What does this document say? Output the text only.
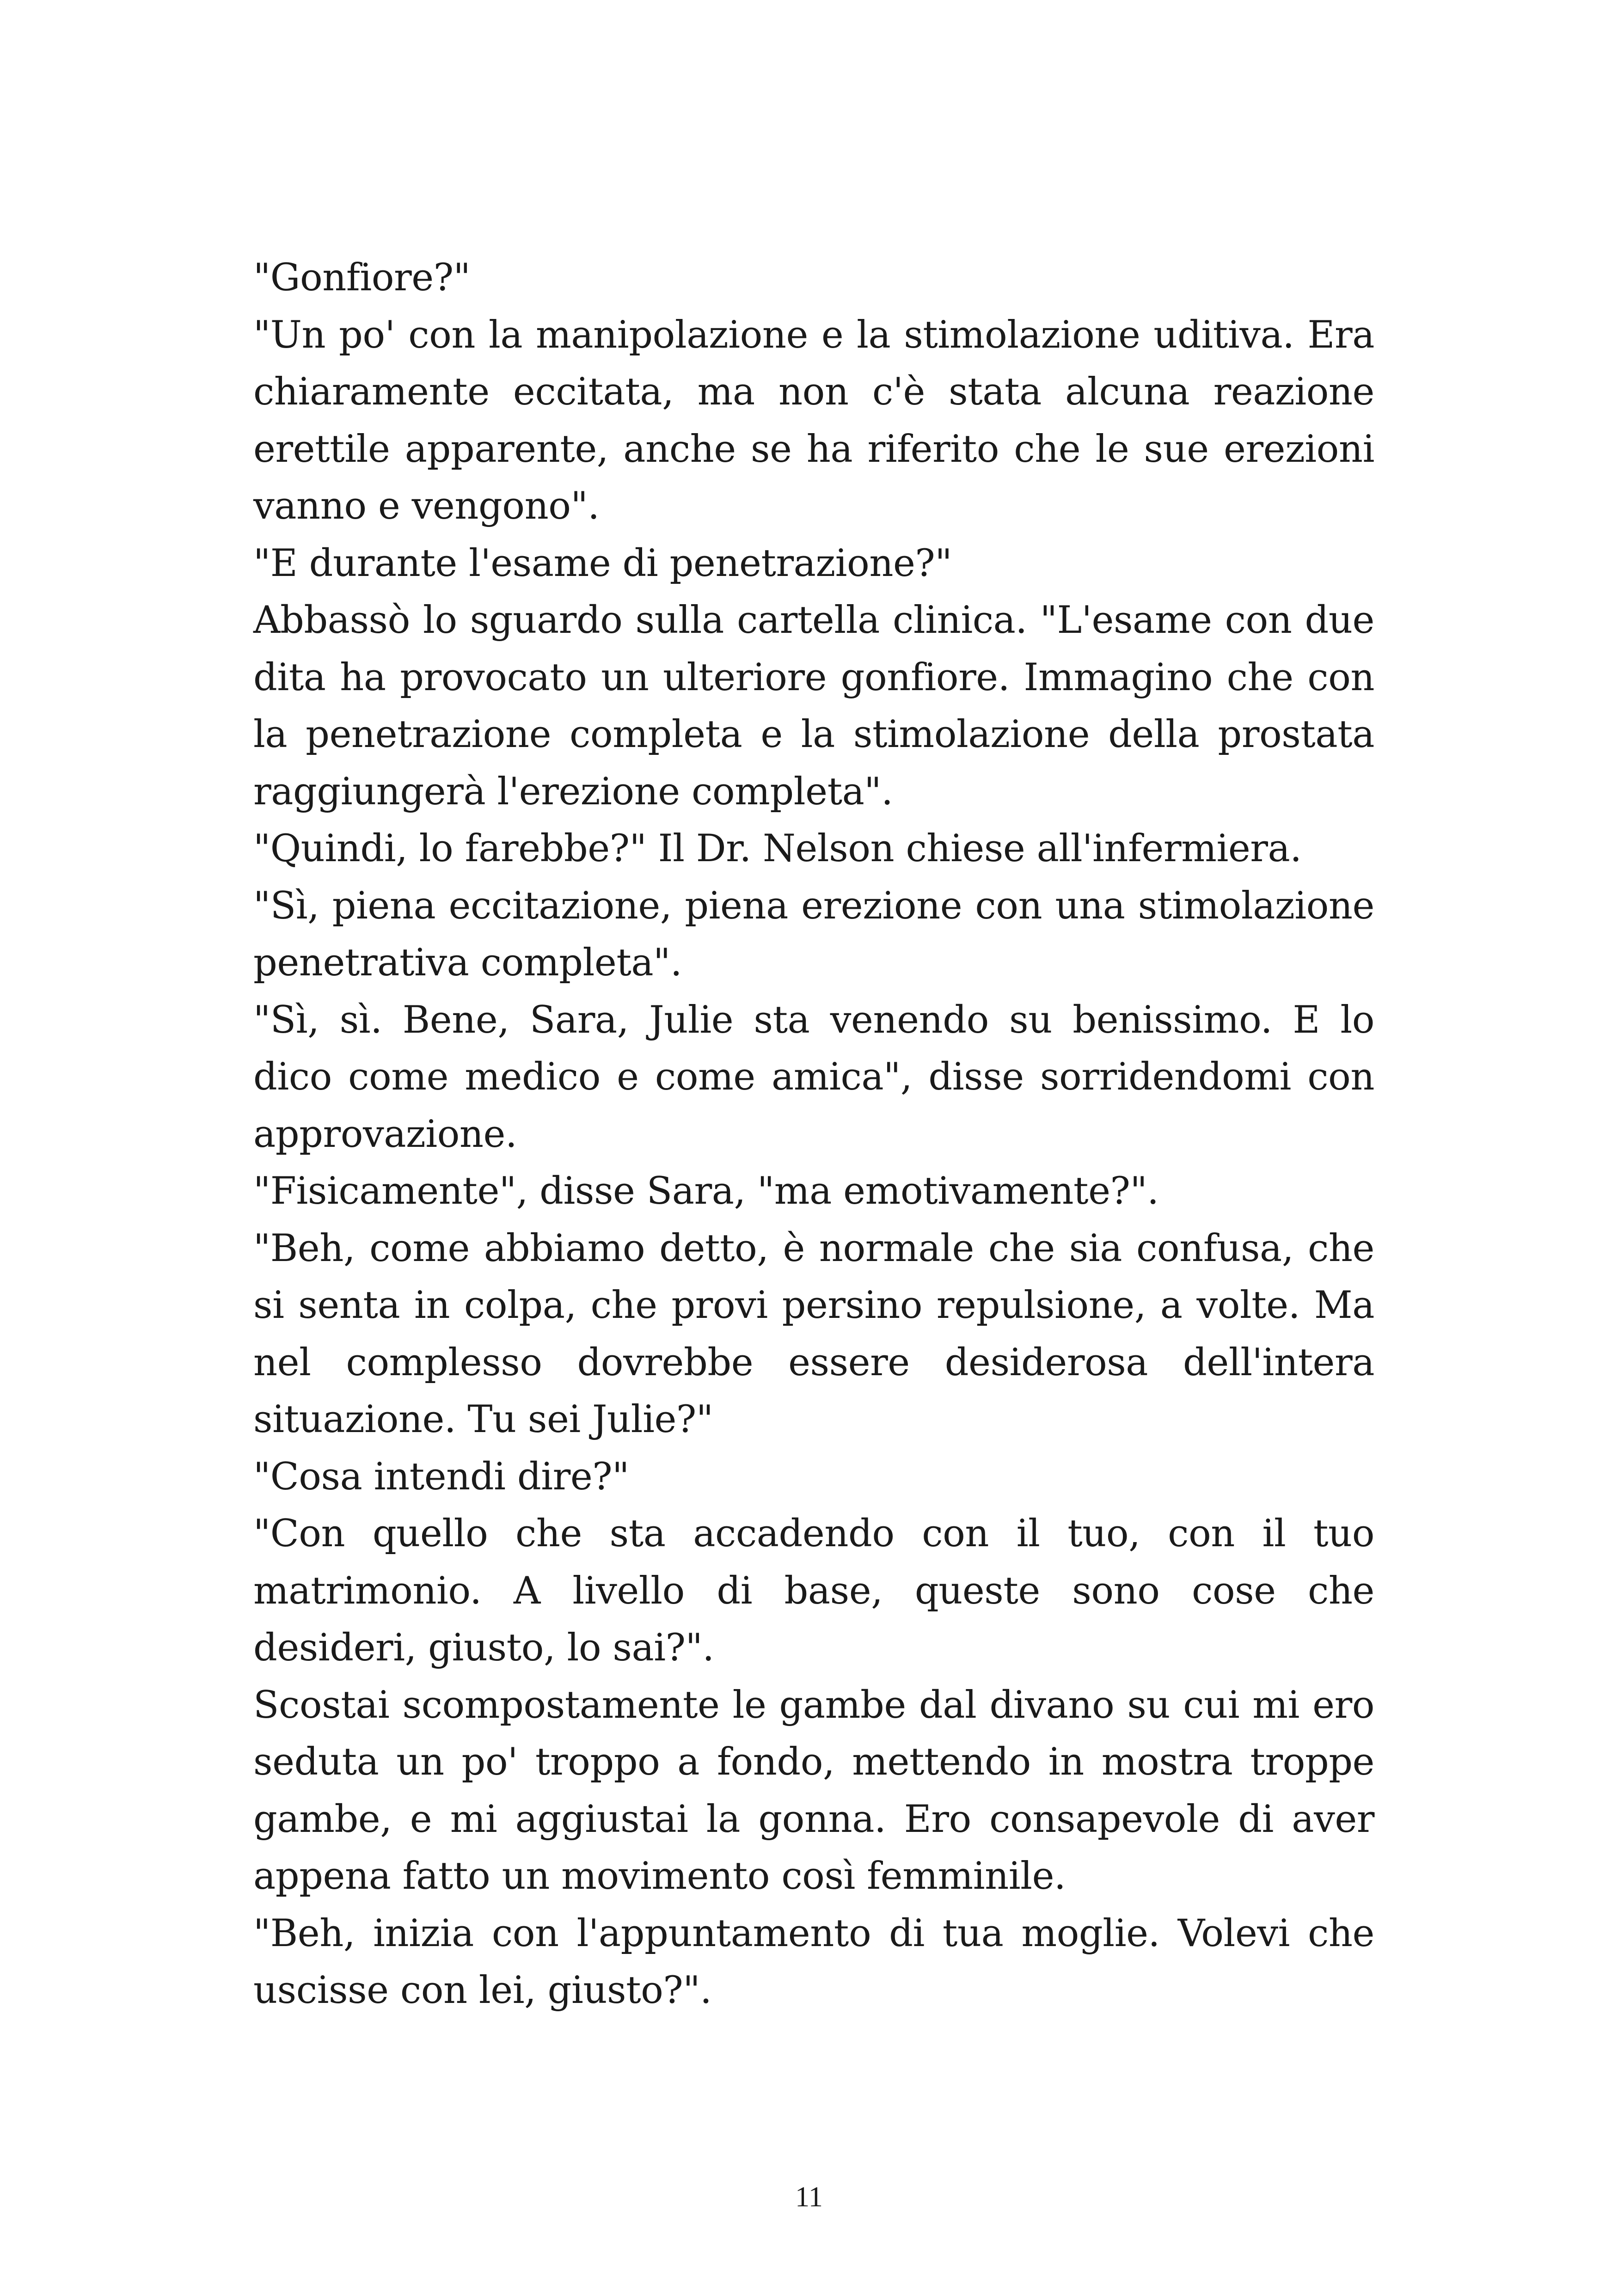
"Gonfiore?"

"Un po' con la manipolazione e la stimolazione uditiva. Era chiaramente eccitata, ma non c'è stata alcuna reazione erettile apparente, anche se ha riferito che le sue erezioni vanno e vengono".

"E durante l'esame di penetrazione?"

Abbassò lo sguardo sulla cartella clinica. "L'esame con due dita ha provocato un ulteriore gonfiore. Immagino che con la penetrazione completa e la stimolazione della prostata raggiungerà l'erezione completa".

"Quindi, lo farebbe?" Il Dr. Nelson chiese all'infermiera.

"Sì, piena eccitazione, piena erezione con una stimolazione penetrativa completa".

"Sì, sì. Bene, Sara, Julie sta venendo su benissimo. E lo dico come medico e come amica", disse sorridendomi con approvazione.

"Fisicamente", disse Sara, "ma emotivamente?".

"Beh, come abbiamo detto, è normale che sia confusa, che si senta in colpa, che provi persino repulsione, a volte. Ma nel complesso dovrebbe essere desiderosa dell'intera situazione. Tu sei Julie?"

"Cosa intendi dire?"

"Con quello che sta accadendo con il tuo, con il tuo matrimonio. A livello di base, queste sono cose che desideri, giusto, lo sai?".

Scostai scompostamente le gambe dal divano su cui mi ero seduta un po' troppo a fondo, mettendo in mostra troppe gambe, e mi aggiustai la gonna. Ero consapevole di aver appena fatto un movimento così femminile.

"Beh, inizia con l'appuntamento di tua moglie. Volevi che uscisse con lei, giusto?".

11
